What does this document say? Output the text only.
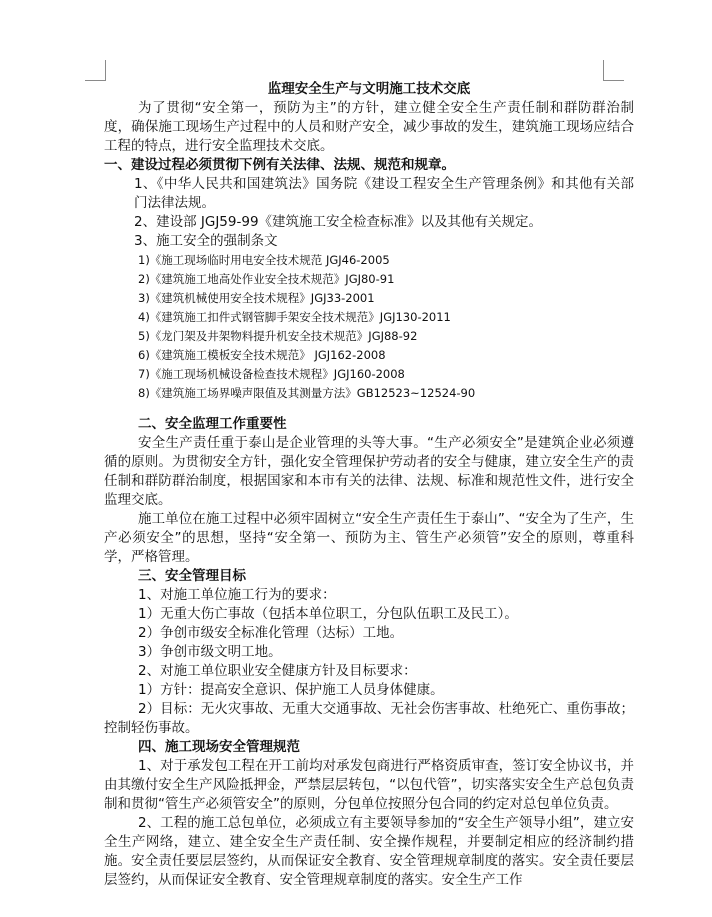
监理安全生产与文明施工技术交底

为了贯彻“安全第一，预防为主”的方针，建立健全安全生产责任制和群防群治制度，确保施工现场生产过程中的人员和财产安全，减少事故的发生，建筑施工现场应结合工程的特点，进行安全监理技术交底。

一、建设过程必须贯彻下例有关法律、法规、规范和规章。

1、《中华人民共和国建筑法》国务院《建设工程安全生产管理条例》和其他有关部门法律法规。

2、建设部 JGJ59-99《建筑施工安全检查标准》以及其他有关规定。

3、施工安全的强制条文

1)《施工现场临时用电安全技术规范 JGJ46-2005

2)《建筑施工地高处作业安全技术规范》JGJ80-91

3)《建筑机械使用安全技术规程》JGJ33-2001

4)《建筑施工扣件式钢管脚手架安全技术规范》JGJ130-2011

5)《龙门架及井架物料提升机安全技术规范》JGJ88-92

6)《建筑施工模板安全技术规范》 JGJ162-2008

7)《施工现场机械设备检查技术规程》JGJ160-2008

8)《建筑施工场界噪声限值及其测量方法》GB12523~12524-90

二、安全监理工作重要性

安全生产责任重于泰山是企业管理的头等大事。“生产必须安全”是建筑企业必须遵循的原则。为贯彻安全方针，强化安全管理保护劳动者的安全与健康，建立安全生产的责任制和群防群治制度，根据国家和本市有关的法律、法规、标准和规范性文件，进行安全监理交底。

施工单位在施工过程中必须牢固树立“安全生产责任生于泰山”、“安全为了生产，生产必须安全”的思想，坚持“安全第一、预防为主、管生产必须管”安全的原则，尊重科学，严格管理。

三、安全管理目标

1、对施工单位施工行为的要求：

1）无重大伤亡事故（包括本单位职工，分包队伍职工及民工）。

2）争创市级安全标准化管理（达标）工地。

3）争创市级文明工地。

2、对施工单位职业安全健康方针及目标要求：

1）方针：提高安全意识、保护施工人员身体健康。

2）目标：无火灾事故、无重大交通事故、无社会伤害事故、杜绝死亡、重伤事故；控制轻伤事故。

四、施工现场安全管理规范

1、对于承发包工程在开工前均对承发包商进行严格资质审查，签订安全协议书，并由其缴付安全生产风险抵押金，严禁层层转包，“以包代管”，切实落实安全生产总包负责制和贯彻“管生产必须管安全”的原则，分包单位按照分包合同的约定对总包单位负责。

2、工程的施工总包单位，必须成立有主要领导参加的“安全生产领导小组”，建立安全生产网络，建立、建全安全生产责任制、安全操作规程，并要制定相应的经济制约措施。安全责任要层层签约，从而保证安全教育、安全管理规章制度的落实。安全责任要层层签约，从而保证安全教育、安全管理规章制度的落实。安全生产工作
